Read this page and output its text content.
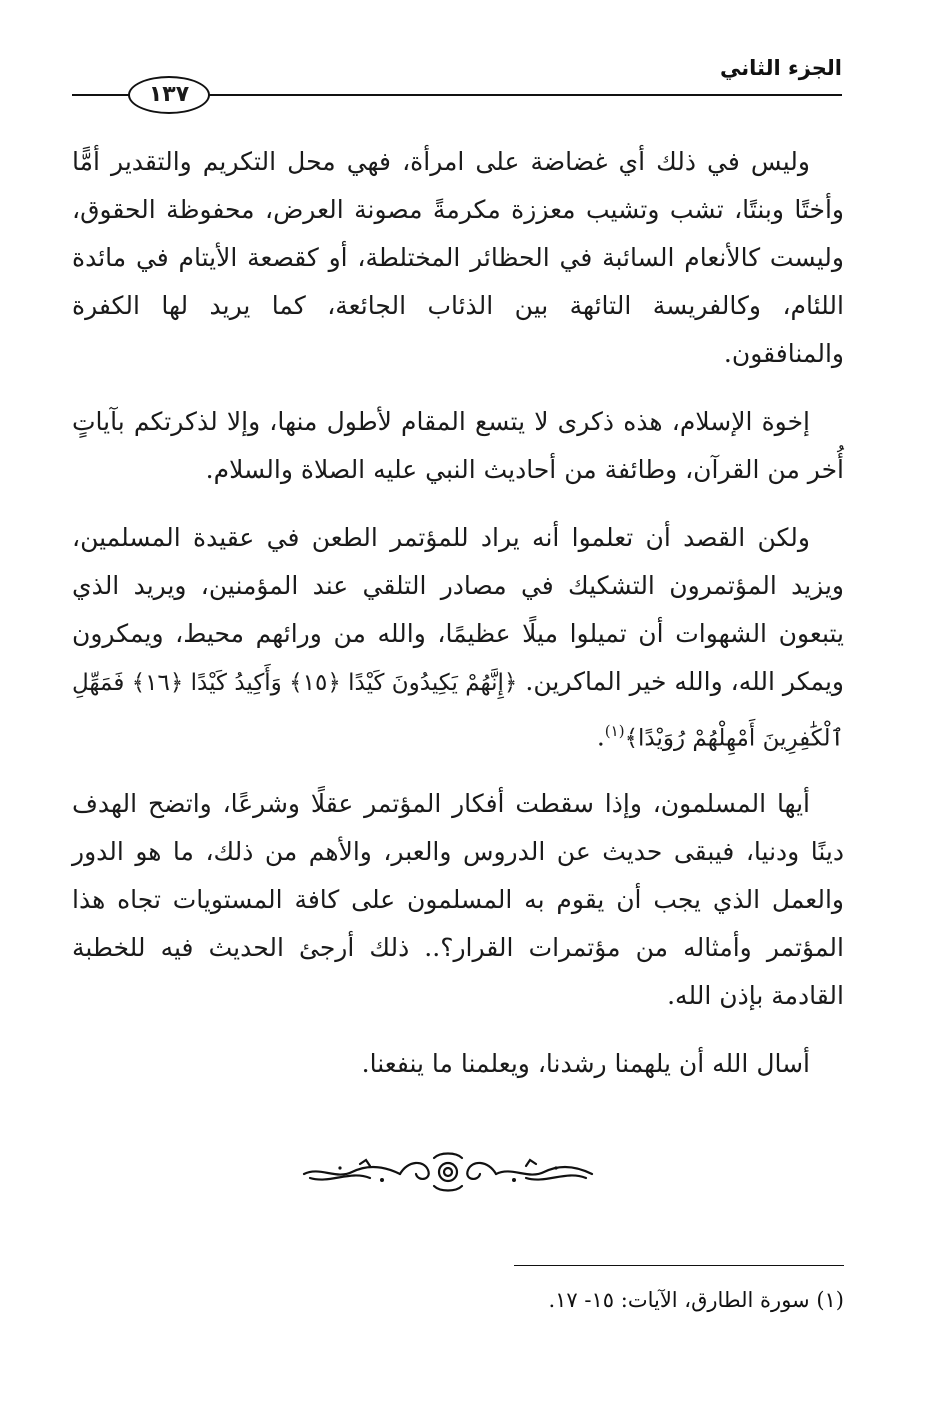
الجزء الثاني
١٣٧

وليس في ذلك أي غضاضة على امرأة، فهي محل التكريم والتقدير أمًّا وأختًا وبنتًا، تشب وتشيب معززة مكرمةً مصونة العرض، محفوظة الحقوق، وليست كالأنعام السائبة في الحظائر المختلطة، أو كقصعة الأيتام في مائدة اللئام، وكالفريسة التائهة بين الذئاب الجائعة، كما يريد لها الكفرة والمنافقون.

إخوة الإسلام، هذه ذكرى لا يتسع المقام لأطول منها، وإلا لذكرتكم بآياتٍ أُخر من القرآن، وطائفة من أحاديث النبي عليه الصلاة والسلام.

ولكن القصد أن تعلموا أنه يراد للمؤتمر الطعن في عقيدة المسلمين، ويزيد المؤتمرون التشكيك في مصادر التلقي عند المؤمنين، ويريد الذي يتبعون الشهوات أن تميلوا ميلًا عظيمًا، والله من ورائهم محيط، ويمكرون ويمكر الله، والله خير الماكرين. ﴿إِنَّهُمْ يَكِيدُونَ كَيْدًا ﴿١٥﴾ وَأَكِيدُ كَيْدًا ﴿١٦﴾ فَمَهِّلِ ٱلْكَٰفِرِينَ أَمْهِلْهُمْ رُوَيْدًا﴾$^{(١)}$.

أيها المسلمون، وإذا سقطت أفكار المؤتمر عقلًا وشرعًا، واتضح الهدف دينًا ودنيا، فيبقى حديث عن الدروس والعبر، والأهم من ذلك، ما هو الدور والعمل الذي يجب أن يقوم به المسلمون على كافة المستويات تجاه هذا المؤتمر وأمثاله من مؤتمرات القرار؟.. ذلك أرجئ الحديث فيه للخطبة القادمة بإذن الله.

أسال الله أن يلهمنا رشدنا، ويعلمنا ما ينفعنا.

(١) سورة الطارق، الآيات: ١٥- ١٧.
